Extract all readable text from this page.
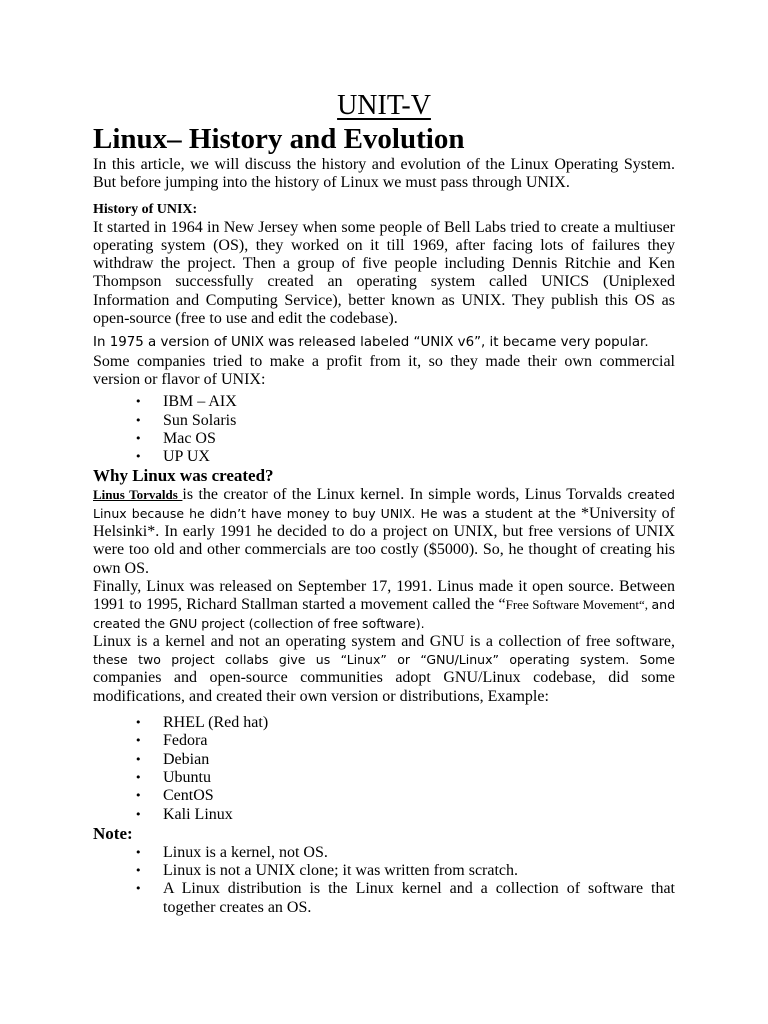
UNIT-V
Linux– History and Evolution

In this article, we will discuss the history and evolution of the Linux Operating System. But before jumping into the history of Linux we must pass through UNIX.

History of UNIX:

It started in 1964 in New Jersey when some people of Bell Labs tried to create a multiuser operating system (OS), they worked on it till 1969, after facing lots of failures they withdraw the project. Then a group of five people including Dennis Ritchie and Ken Thompson successfully created an operating system called UNICS (Uniplexed Information and Computing Service), better known as UNIX. They publish this OS as open-source (free to use and edit the codebase).

In 1975 a version of UNIX was released labeled “UNIX v6”, it became very popular.

Some companies tried to make a profit from it, so they made their own commercial version or flavor of UNIX:

• IBM – AIX
• Sun Solaris
• Mac OS
• UP UX
Why Linux was created?

Linus Torvalds is the creator of the Linux kernel. In simple words, Linus Torvalds created Linux because he didn’t have money to buy UNIX. He was a student at the *University of Helsinki*. In early 1991 he decided to do a project on UNIX, but free versions of UNIX were too old and other commercials are too costly ($5000). So, he thought of creating his own OS.

Finally, Linux was released on September 17, 1991. Linus made it open source. Between 1991 to 1995, Richard Stallman started a movement called the “Free Software Movement“, and created the GNU project (collection of free software).

Linux is a kernel and not an operating system and GNU is a collection of free software, these two project collabs give us “Linux” or “GNU/Linux” operating system. Some companies and open-source communities adopt GNU/Linux codebase, did some modifications, and created their own version or distributions, Example:

• RHEL (Red hat)
• Fedora
• Debian
• Ubuntu
• CentOS
• Kali Linux
Note:
• Linux is a kernel, not OS.
• Linux is not a UNIX clone; it was written from scratch.
• A Linux distribution is the Linux kernel and a collection of software that together creates an OS.
